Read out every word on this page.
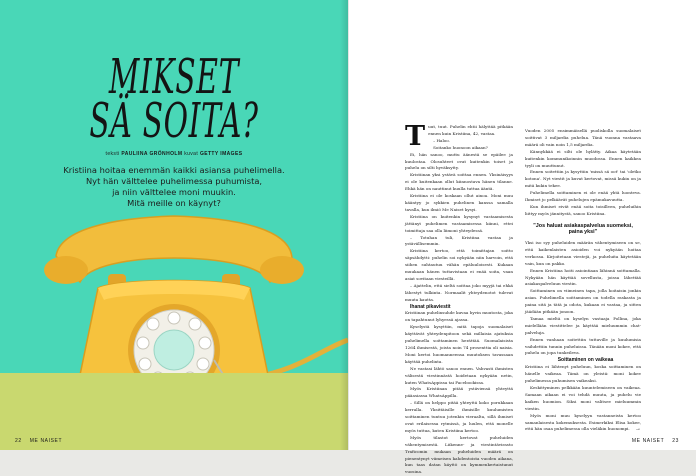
MIKSET
SÄ SOITA?
teksti PAULIINA GRÖNHOLM kuvat GETTY IMAGES
Kristiina hoitaa enemmän kaikki asiansa puhelimella.
Nyt hän välttelee puhelimessa puhumista,
ja niin välttelee moni muukin.
Mitä meille on käynyt?
22 ME NAISET

Tuut, tuut. Puhelin ehtii hälyttää pitkään ennen kuin Kristiina, 42, vastaa.

– Haloo.

Soitanko huonoon aikaan?

Ei, hän sanoo, muttu äänestä se epäilee ja kuulostaa. Olosuhteet ovat kuitenkin toiset ja puhelu on silti hyväksytty.

Kristiinan yksi ystävä soittaa ennen. Yksinäisyys ei ole kuitenkaan ollut kiinnostava hänen tilanne. Ehkä hän on nauttinut kuulla tuttua ääntä.

Kristiina ei ole koskaan ollut ainoa. Moni muu kääntyy jo sykkien puhelinen kanssa samalla tavalla, kun ilmiö Me Naiset kysyi.

Kristiina on kuitenkin kysynyt vastaamisesta jättänyt puhelimen vastaamisessa kiinni, ettei toimittaja saa olla liimoni yhteydessä.

– Totuhan tuli, Kristiina vastaa ja ystävällisemmin.

Kristiina kertoo, että toimittajan soitto säpsähdytti: puhelin soi nykyään niin harvoin, että siihen suhtautuu vähän epäluuloisesti. Kukaan muukaan hänen tuttavistaan ei enää soita, vaan asiat sovitaan viesteillä.

– Ajattelin, että sieltä soittaa joko myyjä tai ehkä lähestyt tulkinta. Normaalit yhteydenotot tulevat muuta kautta.

Ihanat pikaviestit

Kristiinan puhelinsuhde kuvaa hyvin muutosta, joka on tapahtunut lyhyessä ajassa.

Kyselystä kysyttiin, mitä tapoja suomalaiset käyttävät yhteydenpitoon sekä millaisia ajatuksia puhelimella soittaminen herättää. Suomalaisista 1264 ihmisestä, joista noin 74 prosenttia oli naisia. Moni kertoi huomanneensa muutoksen tavassaan käyttää puhelinta.

Ne vastasi lähtö sanoo ennen. Vahvasti ihmisten välisestä viestinnästä hoidetaan nykyään netin, kuten WhatsAppissa tai Facebookissa.

Myös Kristiinan pitää ystäviensä yhteyttä pääasiassa WhatsAppilla.

– Sillä on helppo pitää yhteyttä koko porukkaan kerralla. Yksittäisille ihmisille kuulumisten soittaminen tuntuu jotenkin vieraalta, sillä ihmiset ovat erilaisessa rytmissä, ja luulen, että monelle myös tuttua, kuten Kristiina kertoo.

Myös tilastot kertovat puheluiden vähentymisestä. Liikenne- ja viestintävirasto Traficomin mukaan puheluiden määrä on pienentynyt viimeisen kahdentoista vuoden aikana, kun taas datan käyttö on kymmenkertaistunut vuosina.

Vuoden 2005 ensimmäisellä puoliskolla suomalaiset soittivat 3 miljardia puhelua. Tänä vuonna vastaava määrä oli vain noin 1,5 miljardia.

Kännykkää ei silti ole hylätty. Aikaa käytetään kuitenkin kommunikoinnin muodossa. Ennen kaikkea tyyli on muuttunut.

Ennen soitettiin ja kysyttiin 'missä sä oot' tai 'oletko kotona'. Nyt viestit ja kuvat kertovat, missä kukin on ja mitä kukin tekee.

Puhelimella soittaminen ei ole enää yhtä luonteva. Ihmiset jo pelkäävät puhelujen epämukavuutta.

Kun ihmiset eivät enää soita toisilleen, puheluihin liittyy myös jännitystä, sanoo Kristiina.

”Jos haluat asiakaspalvelua suomeksi, paina yksi”

Yksi iso syy puheluiden määrän vähentymiseen on se, että kaikenlaisten asioiden voi nykyään hoitaa verkossa. Kirjoitetaan viestejä, ja puheluita käytetään vain, kun on pakko.

Ennen Kristiina hoiti asiointiaan lähinnä soittamalla. Nykyään hän käyttää sovellusta, joissa lähettää asiakaspalveluun viestin.

Soittaminen on viimeinen tapa, jolla hoitaisin jonkin asian. Puhelimella soittaminen on todella raskasta ja paina sitä ja tätä ja odota, kukaan ei vastaa, ja sitten jäädään pitkään jonoon.

Tamaa mieltä on kyselyn vastaaja Pollina, joka mielellään viestittelee ja käyttää mieluummin chat-palveluja.

Ennen vanhaan soitettiin tuttaville ja kuulumisia vaihdettiin tunnin puheluissa. Tänään moni kokee, että puhelu on jopa tunkeileva.

Soittaminen on vaikeaa

Kristiina ei lähtenyt puheluun, koska soittaminen on hänelle vaikeaa. Tämä on yleistä: moni kokee puhelimessa puhumisen vaikeaksi.

Keskittyminen pelkkään kuuntelemiseen on vaikeaa. Samaan aikaan ei voi tehdä muuta, ja puhelu vie kaiken huomion. Siksi moni valitsee mieluummin viestin.

Myös moni muu kyselyyn vastanneista kertoo samanlaisesta kokemuksesta. Esimerkiksi Elisa kokee, että hän osaa puhelimessa olla vieläkin huonompi. →

ME NAISET 23
